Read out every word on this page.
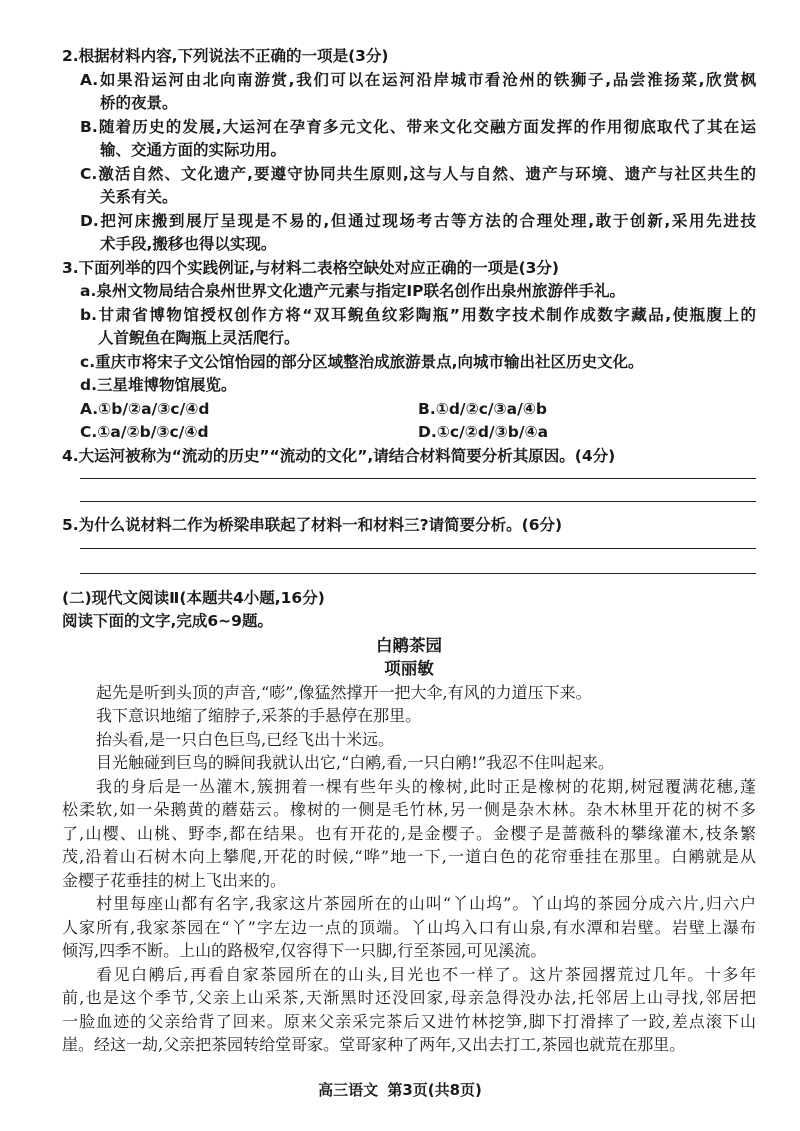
2.根据材料内容,下列说法不正确的一项是(3分)
A.如果沿运河由北向南游赏,我们可以在运河沿岸城市看沧州的铁狮子,品尝淮扬菜,欣赏枫
桥的夜景。
B.随着历史的发展,大运河在孕育多元文化、带来文化交融方面发挥的作用彻底取代了其在运
输、交通方面的实际功用。
C.激活自然、文化遗产,要遵守协同共生原则,这与人与自然、遗产与环境、遗产与社区共生的
关系有关。
D.把河床搬到展厅呈现是不易的,但通过现场考古等方法的合理处理,敢于创新,采用先进技
术手段,搬移也得以实现。
3.下面列举的四个实践例证,与材料二表格空缺处对应正确的一项是(3分)
a.泉州文物局结合泉州世界文化遗产元素与指定IP联名创作出泉州旅游伴手礼。
b.甘肃省博物馆授权创作方将“双耳鲵鱼纹彩陶瓶”用数字技术制作成数字藏品,使瓶腹上的
人首鲵鱼在陶瓶上灵活爬行。
c.重庆市将宋子文公馆怡园的部分区域整治成旅游景点,向城市输出社区历史文化。
d.三星堆博物馆展览。
A.①b/②a/③c/④d	B.①d/②c/③a/④b
C.①a/②b/③c/④d	D.①c/②d/③b/④a
4.大运河被称为“流动的历史”“流动的文化”,请结合材料简要分析其原因。(4分)
5.为什么说材料二作为桥梁串联起了材料一和材料三?请简要分析。(6分)
(二)现代文阅读Ⅱ(本题共4小题,16分)
阅读下面的文字,完成6~9题。
白鹇茶园
项丽敏
起先是听到头顶的声音,“嘭”,像猛然撑开一把大伞,有风的力道压下来。
我下意识地缩了缩脖子,采茶的手悬停在那里。
抬头看,是一只白色巨鸟,已经飞出十米远。
目光触碰到巨鸟的瞬间我就认出它,“白鹇,看,一只白鹇!”我忍不住叫起来。
我的身后是一丛灌木,簇拥着一棵有些年头的橡树,此时正是橡树的花期,树冠覆满花穗,蓬
松柔软,如一朵鹅黄的蘑菇云。橡树的一侧是毛竹林,另一侧是杂木林。杂木林里开花的树不多
了,山樱、山桃、野李,都在结果。也有开花的,是金樱子。金樱子是蔷薇科的攀缘灌木,枝条繁
茂,沿着山石树木向上攀爬,开花的时候,“哗”地一下,一道白色的花帘垂挂在那里。白鹇就是从
金樱子花垂挂的树上飞出来的。
村里每座山都有名字,我家这片茶园所在的山叫“丫山坞”。丫山坞的茶园分成六片,归六户
人家所有,我家茶园在“丫”字左边一点的顶端。丫山坞入口有山泉,有水潭和岩壁。岩壁上瀑布
倾泻,四季不断。上山的路极窄,仅容得下一只脚,行至茶园,可见溪流。
看见白鹇后,再看自家茶园所在的山头,目光也不一样了。这片茶园撂荒过几年。十多年
前,也是这个季节,父亲上山采茶,天渐黑时还没回家,母亲急得没办法,托邻居上山寻找,邻居把
一脸血迹的父亲给背了回来。原来父亲采完茶后又进竹林挖笋,脚下打滑摔了一跤,差点滚下山
崖。经这一劫,父亲把茶园转给堂哥家。堂哥家种了两年,又出去打工,茶园也就荒在那里。
高三语文 第3页(共8页)
